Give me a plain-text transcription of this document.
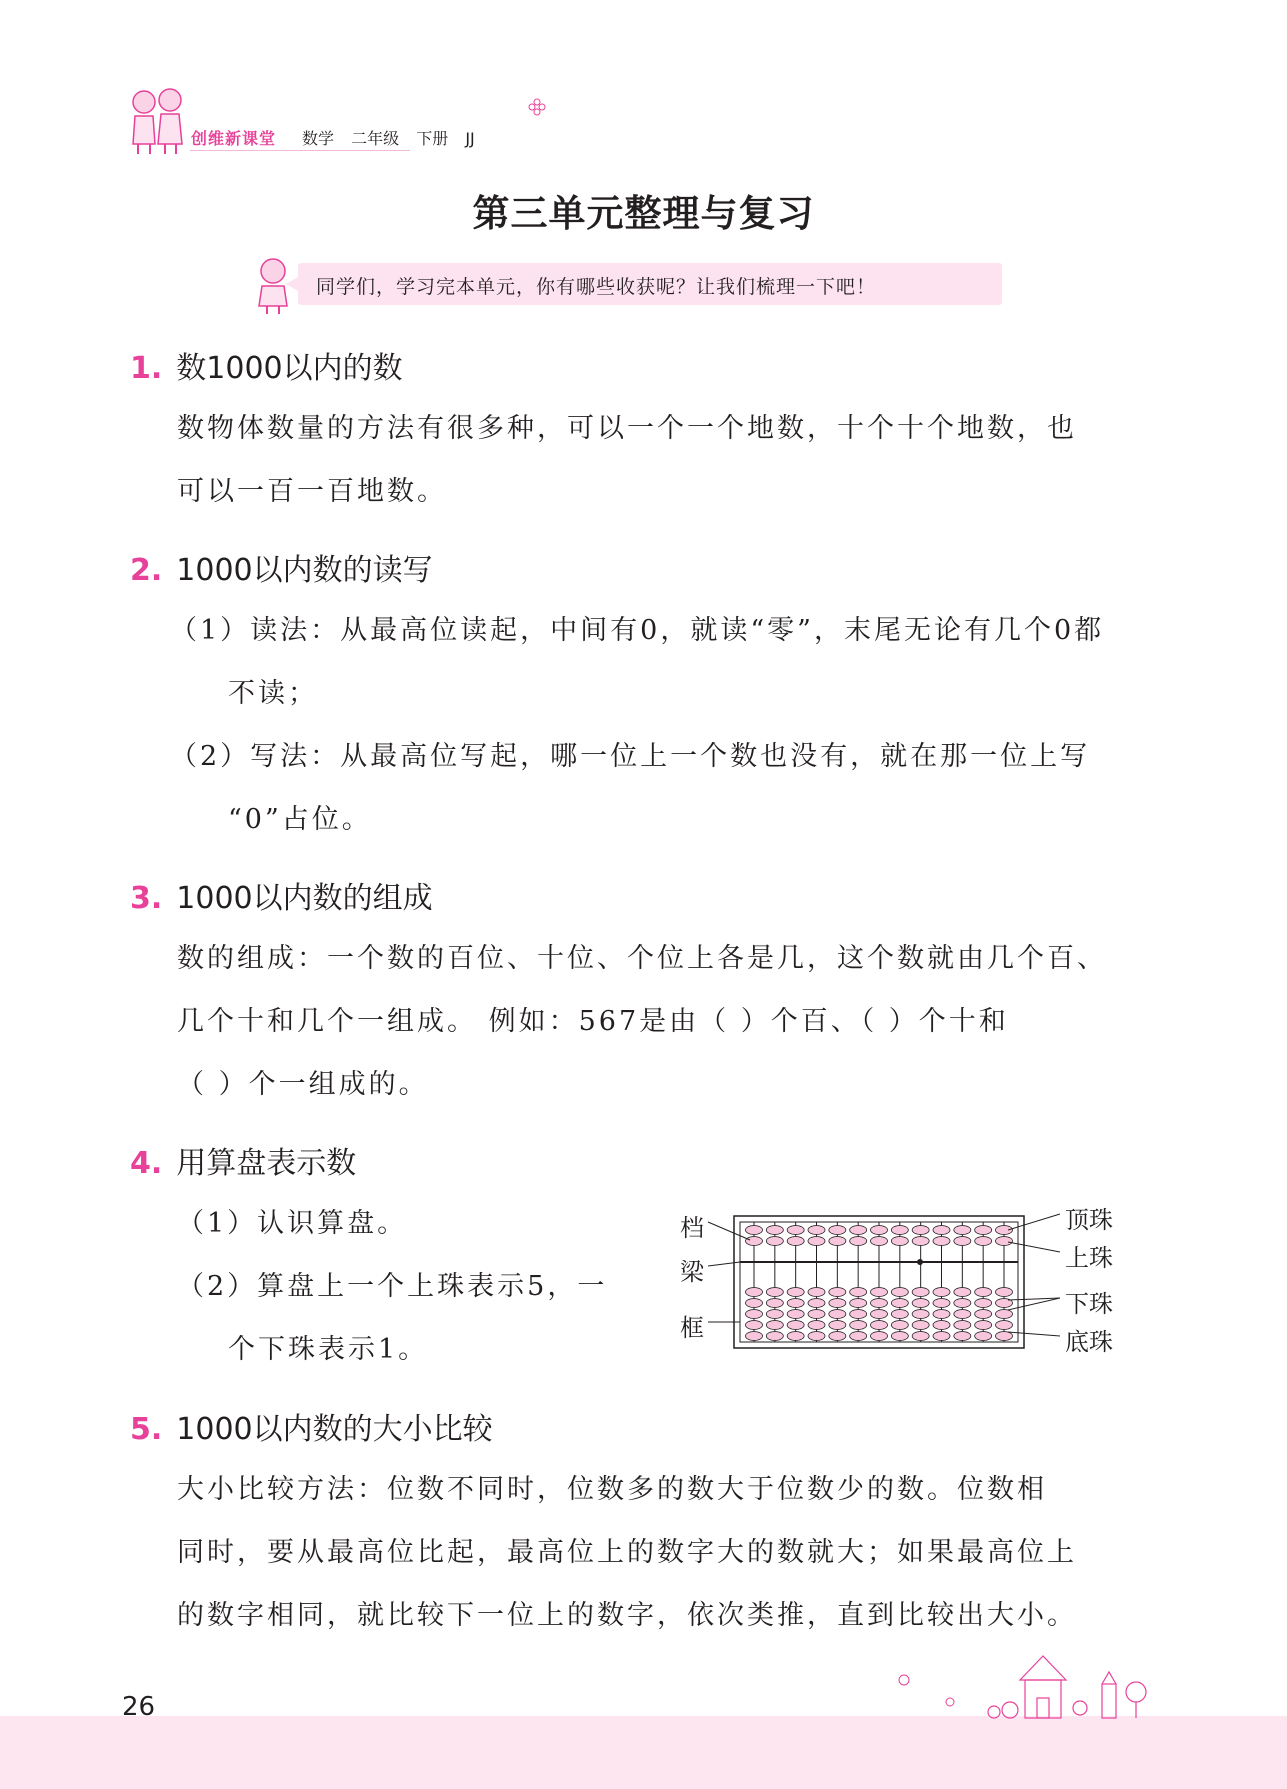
创维新课堂 数学 二年级 下册 JJ
第三单元整理与复习
同学们，学习完本单元，你有哪些收获呢？让我们梳理一下吧！
1. 数1000以内的数
数物体数量的方法有很多种，可以一个一个地数，十个十个地数，也
可以一百一百地数。
2. 1000以内数的读写
（1）读法：从最高位读起，中间有0，就读“零”，末尾无论有几个0都
不读；
（2）写法：从最高位写起，哪一位上一个数也没有，就在那一位上写
“0”占位。
3. 1000以内数的组成
数的组成：一个数的百位、十位、个位上各是几，这个数就由几个百、
几个十和几个一组成。 例如：567是由（ ）个百、（ ）个十和
（ ）个一组成的。
4. 用算盘表示数
（1）认识算盘。
（2）算盘上一个上珠表示5，一
个下珠表示1。
档
梁
框
顶珠
上珠
下珠
底珠
5. 1000以内数的大小比较
大小比较方法：位数不同时，位数多的数大于位数少的数。位数相
同时，要从最高位比起，最高位上的数字大的数就大；如果最高位上
的数字相同，就比较下一位上的数字，依次类推，直到比较出大小。
26
